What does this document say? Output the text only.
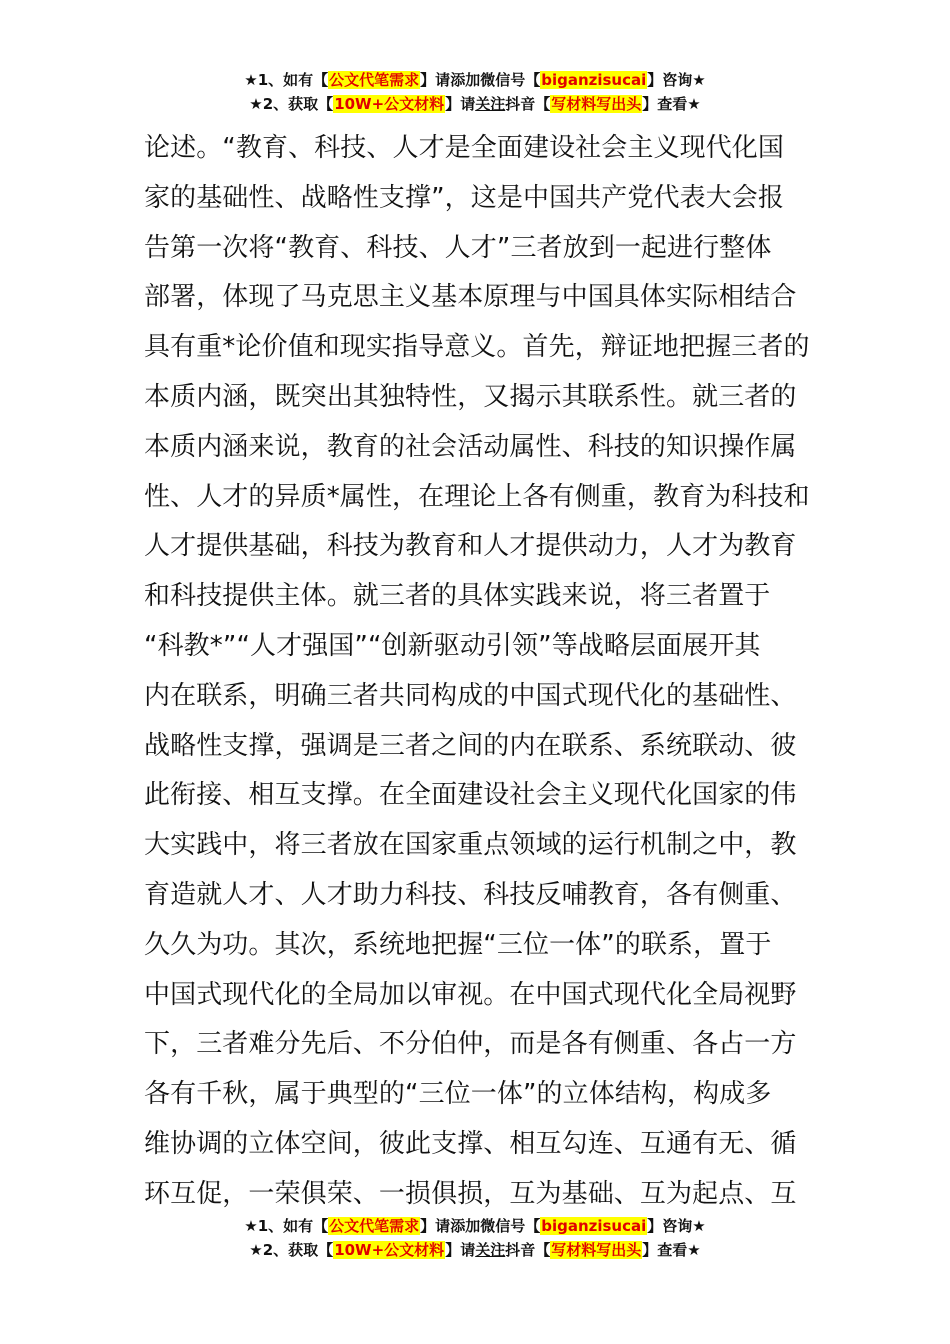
★1、如有【公文代笔需求】请添加微信号【biganzisucai】咨询★
★2、获取【10W+公文材料】请关注抖音【写材料写出头】查看★
论述。“教育、科技、人才是全面建设社会主义现代化国
家的基础性、战略性支撑”，这是中国共产党代表大会报
告第一次将“教育、科技、人才”三者放到一起进行整体
部署，体现了马克思主义基本原理与中国具体实际相结合
具有重*论价值和现实指导意义。首先，辩证地把握三者的
本质内涵，既突出其独特性，又揭示其联系性。就三者的
本质内涵来说，教育的社会活动属性、科技的知识操作属
性、人才的异质*属性，在理论上各有侧重，教育为科技和
人才提供基础，科技为教育和人才提供动力，人才为教育
和科技提供主体。就三者的具体实践来说，将三者置于
“科教*”“人才强国”“创新驱动引领”等战略层面展开其
内在联系，明确三者共同构成的中国式现代化的基础性、
战略性支撑，强调是三者之间的内在联系、系统联动、彼
此衔接、相互支撑。在全面建设社会主义现代化国家的伟
大实践中，将三者放在国家重点领域的运行机制之中，教
育造就人才、人才助力科技、科技反哺教育，各有侧重、
久久为功。其次，系统地把握“三位一体”的联系，置于
中国式现代化的全局加以审视。在中国式现代化全局视野
下，三者难分先后、不分伯仲，而是各有侧重、各占一方
各有千秋，属于典型的“三位一体”的立体结构，构成多
维协调的立体空间，彼此支撑、相互勾连、互通有无、循
环互促，一荣俱荣、一损俱损，互为基础、互为起点、互
★1、如有【公文代笔需求】请添加微信号【biganzisucai】咨询★
★2、获取【10W+公文材料】请关注抖音【写材料写出头】查看★
